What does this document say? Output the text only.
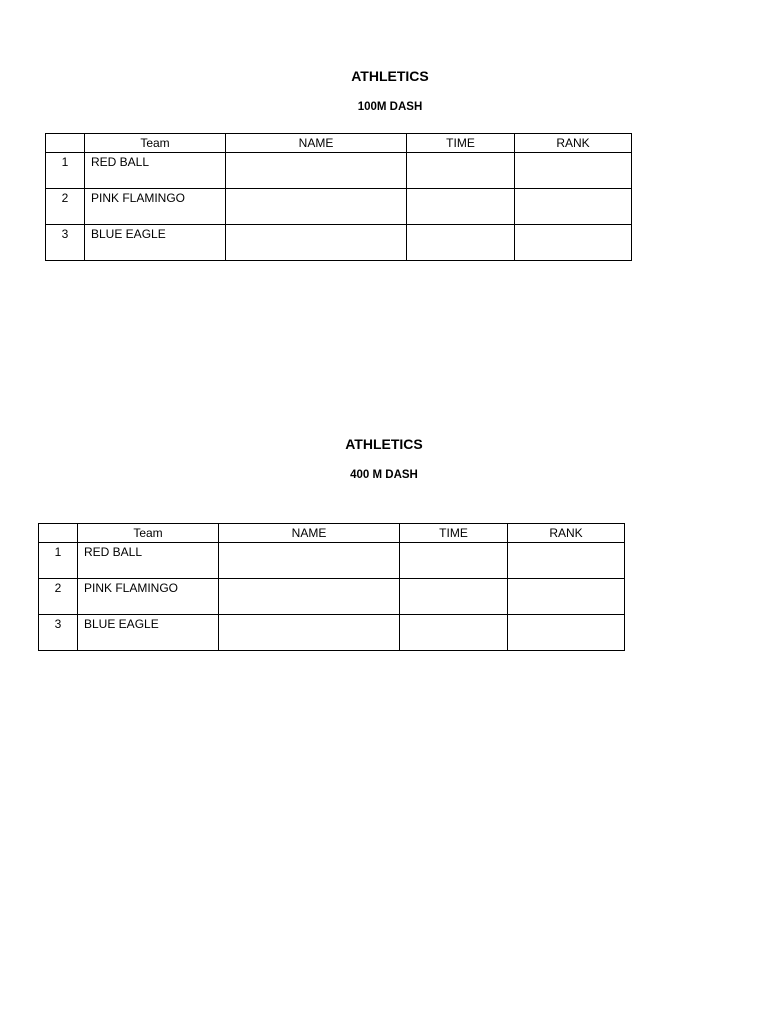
ATHLETICS
100M DASH
	Team	NAME	TIME	RANK
1	RED BALL			
2	PINK FLAMINGO			
3	BLUE EAGLE			
ATHLETICS
400 M DASH
	Team	NAME	TIME	RANK
1	RED BALL			
2	PINK FLAMINGO			
3	BLUE EAGLE			
